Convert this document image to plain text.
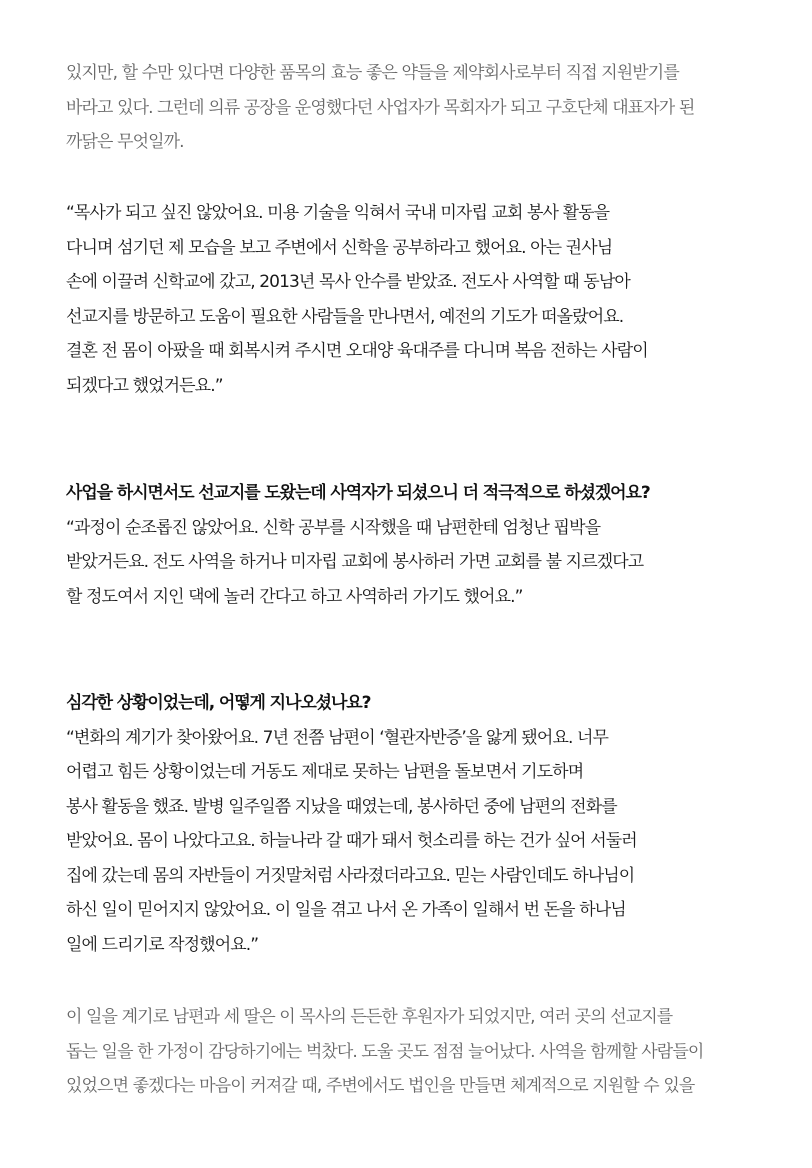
있지만, 할 수만 있다면 다양한 품목의 효능 좋은 약들을 제약회사로부터 직접 지원받기를
바라고 있다. 그런데 의류 공장을 운영했다던 사업자가 목회자가 되고 구호단체 대표자가 된
까닭은 무엇일까.
“목사가 되고 싶진 않았어요. 미용 기술을 익혀서 국내 미자립 교회 봉사 활동을
다니며 섬기던 제 모습을 보고 주변에서 신학을 공부하라고 했어요. 아는 권사님
손에 이끌려 신학교에 갔고, 2013년 목사 안수를 받았죠. 전도사 사역할 때 동남아
선교지를 방문하고 도움이 필요한 사람들을 만나면서, 예전의 기도가 떠올랐어요.
결혼 전 몸이 아팠을 때 회복시켜 주시면 오대양 육대주를 다니며 복음 전하는 사람이
되겠다고 했었거든요.”
사업을 하시면서도 선교지를 도왔는데 사역자가 되셨으니 더 적극적으로 하셨겠어요?
“과정이 순조롭진 않았어요. 신학 공부를 시작했을 때 남편한테 엄청난 핍박을
받았거든요. 전도 사역을 하거나 미자립 교회에 봉사하러 가면 교회를 불 지르겠다고
할 정도여서 지인 댁에 놀러 간다고 하고 사역하러 가기도 했어요.”
심각한 상황이었는데, 어떻게 지나오셨나요?
“변화의 계기가 찾아왔어요. 7년 전쯤 남편이 ‘혈관자반증’을 앓게 됐어요. 너무
어렵고 힘든 상황이었는데 거동도 제대로 못하는 남편을 돌보면서 기도하며
봉사 활동을 했죠. 발병 일주일쯤 지났을 때였는데, 봉사하던 중에 남편의 전화를
받았어요. 몸이 나았다고요. 하늘나라 갈 때가 돼서 헛소리를 하는 건가 싶어 서둘러
집에 갔는데 몸의 자반들이 거짓말처럼 사라졌더라고요. 믿는 사람인데도 하나님이
하신 일이 믿어지지 않았어요. 이 일을 겪고 나서 온 가족이 일해서 번 돈을 하나님
일에 드리기로 작정했어요.”
이 일을 계기로 남편과 세 딸은 이 목사의 든든한 후원자가 되었지만, 여러 곳의 선교지를
돕는 일을 한 가정이 감당하기에는 벅찼다. 도울 곳도 점점 늘어났다. 사역을 함께할 사람들이
있었으면 좋겠다는 마음이 커져갈 때, 주변에서도 법인을 만들면 체계적으로 지원할 수 있을
